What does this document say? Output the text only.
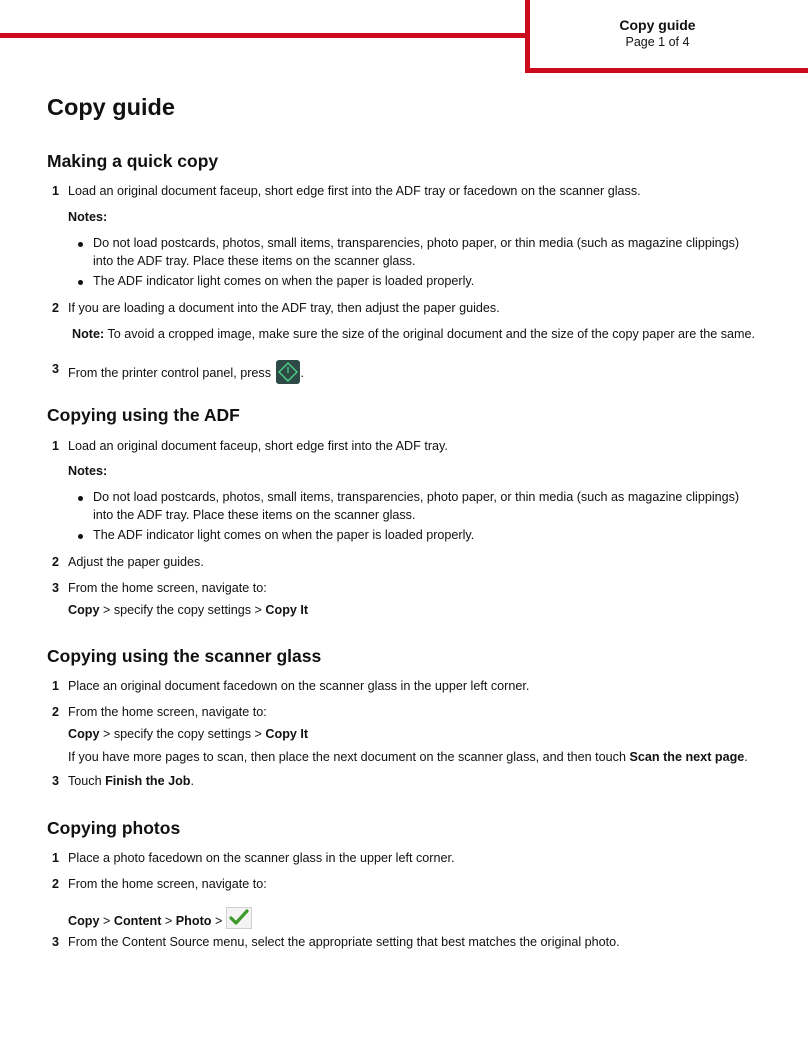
Copy guide
Page 1 of 4
Copy guide
Making a quick copy
1 Load an original document faceup, short edge first into the ADF tray or facedown on the scanner glass.
Notes:
Do not load postcards, photos, small items, transparencies, photo paper, or thin media (such as magazine clippings)
into the ADF tray. Place these items on the scanner glass.
The ADF indicator light comes on when the paper is loaded properly.
2 If you are loading a document into the ADF tray, then adjust the paper guides.
Note: To avoid a cropped image, make sure the size of the original document and the size of the copy paper are the same.
3 From the printer control panel, press
.
Copying using the ADF
1 Load an original document faceup, short edge first into the ADF tray.
Notes:
Do not load postcards, photos, small items, transparencies, photo paper, or thin media (such as magazine clippings)
into the ADF tray. Place these items on the scanner glass.
The ADF indicator light comes on when the paper is loaded properly.
2 Adjust the paper guides.
3 From the home screen, navigate to:
Copy > specify the copy settings > Copy It
Copying using the scanner glass
1 Place an original document facedown on the scanner glass in the upper left corner.
2 From the home screen, navigate to:
Copy > specify the copy settings > Copy It
If you have more pages to scan, then place the next document on the scanner glass, and then touch Scan the next page.
3 Touch Finish the Job.
Copying photos
1 Place a photo facedown on the scanner glass in the upper left corner.
2 From the home screen, navigate to:
Copy > Content > Photo >
3 From the Content Source menu, select the appropriate setting that best matches the original photo.
